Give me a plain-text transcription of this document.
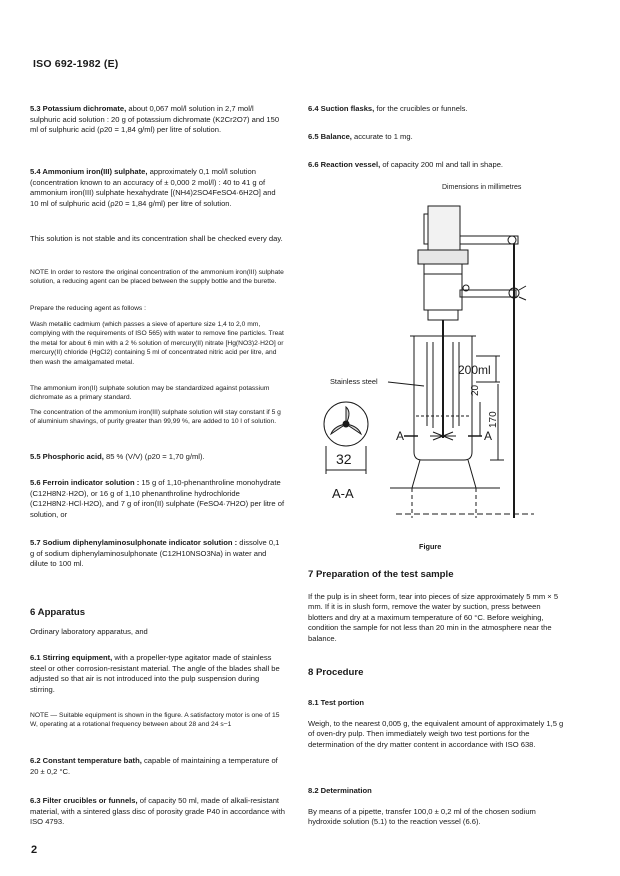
ISO 692-1982 (E)

5.3 Potassium dichromate, about 0,067 mol/l solution in 2,7 mol/l sulphuric acid solution : 20 g of potassium dichromate (K2Cr2O7) and 150 ml of sulphuric acid (ρ20 = 1,84 g/ml) per litre of solution.

5.4 Ammonium iron(III) sulphate, approximately 0,1 mol/l solution (concentration known to an accuracy of ± 0,000 2 mol/l) : 40 to 41 g of ammonium iron(III) sulphate hexahydrate [(NH4)2SO4FeSO4·6H2O] and 10 ml of sulphuric acid (ρ20 = 1,84 g/ml) per litre of solution.

This solution is not stable and its concentration shall be checked every day.
NOTE In order to restore the original concentration of the ammonium iron(III) sulphate solution, a reducing agent can be placed between the supply bottle and the burette.
Prepare the reducing agent as follows :
Wash metallic cadmium (which passes a sieve of aperture size 1,4 to 2,0 mm, complying with the requirements of ISO 565) with water to remove fine particles. Treat the metal for about 6 min with a 2 % solution of mercury(II) nitrate [Hg(NO3)2·H2O] or mercury(II) chloride (HgCl2) containing 5 ml of concentrated nitric acid per litre, and then wash the amalgamated metal.
The ammonium iron(II) sulphate solution may be standardized against potassium dichromate as a primary standard.
The concentration of the ammonium iron(III) sulphate solution will stay constant if 5 g of aluminium shavings, of purity greater than 99,99 %, are added to 10 l of solution.

5.5 Phosphoric acid, 85 % (V/V) (ρ20 = 1,70 g/ml).

5.6 Ferroin indicator solution : 15 g of 1,10-phenanthroline monohydrate (C12H8N2·H2O), or 16 g of 1,10 phenanthroline hydrochloride (C12H8N2·HCl·H2O), and 7 g of iron(II) sulphate (FeSO4·7H2O) per litre of solution, or

5.7 Sodium diphenylaminosulphonate indicator solution : dissolve 0,1 g of sodium diphenylaminosulphonate (C12H10NSO3Na) in water and dilute to 100 ml.

6 Apparatus
Ordinary laboratory apparatus, and

6.1 Stirring equipment, with a propeller-type agitator made of stainless steel or other corrosion-resistant material. The angle of the blades shall be adjusted so that air is not introduced into the pulp suspension during stirring.

NOTE — Suitable equipment is shown in the figure. A satisfactory motor is one of 15 W, operating at a rotational frequency between about 28 and 24 s−1

6.2 Constant temperature bath, capable of maintaining a temperature of 20 ± 0,2 °C.

6.3 Filter crucibles or funnels, of capacity 50 ml, made of alkali-resistant material, with a sintered glass disc of porosity grade P40 in accordance with ISO 4793.

6.4 Suction flasks, for the crucibles or funnels.

6.5 Balance, accurate to 1 mg.

6.6 Reaction vessel, of capacity 200 ml and tall in shape.

Dimensions in millimetres
Stainless steel
200ml
170
20
A	A
32
A-A
Figure
7 Preparation of the test sample
If the pulp is in sheet form, tear into pieces of size approximately 5 mm × 5 mm. If it is in slush form, remove the water by suction, press between blotters and dry at a maximum temperature of 60 °C. Before weighing, condition the sample for not less than 20 min in the atmosphere near the balance.
8 Procedure
8.1 Test portion
Weigh, to the nearest 0,005 g, the equivalent amount of approximately 1,5 g of oven-dry pulp. Then immediately weigh two test portions for the determination of the dry matter content in accordance with ISO 638.
8.2 Determination
By means of a pipette, transfer 100,0 ± 0,2 ml of the chosen sodium hydroxide solution (5.1) to the reaction vessel (6.6).
2
